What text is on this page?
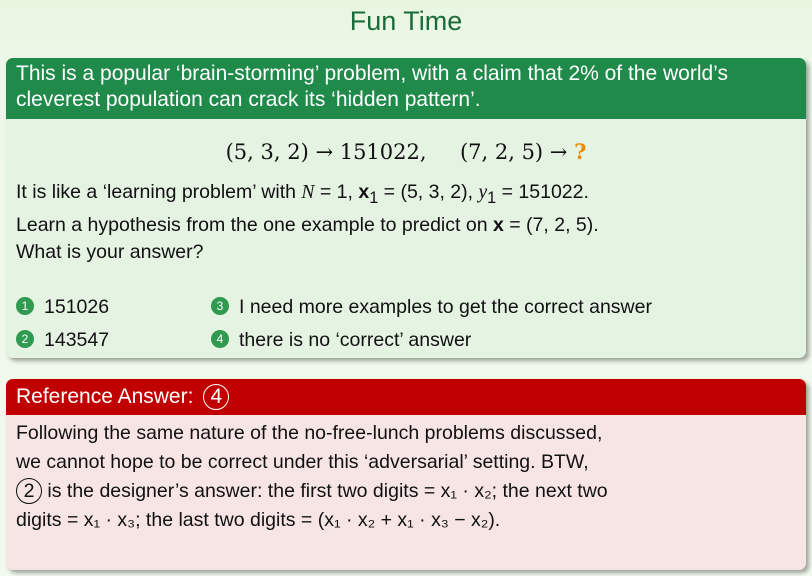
Fun Time
This is a popular ‘brain-storming’ problem, with a claim that 2% of the world’s cleverest population can crack its ‘hidden pattern’.
(5, 3, 2) → 151022, (7, 2, 5) → ?
It is like a ‘learning problem’ with N = 1, $x_1 = (5$, 3, 2), $y_1 = 151022$.
Learn a hypothesis from the one example to predict on x = (7, 2, 5).
What is your answer?
1 151026
2 143547
3 I need more examples to get the correct answer
4 there is no ‘correct’ answer
Reference Answer: 4
Following the same nature of the no-free-lunch problems discussed,
we cannot hope to be correct under this ‘adversarial’ setting. BTW,
2 is the designer’s answer: the first two digits = x₁ · x₂; the next two
digits = x₁ · x₃; the last two digits = (x₁ · x₂ + x₁ · x₃ − x₂).
